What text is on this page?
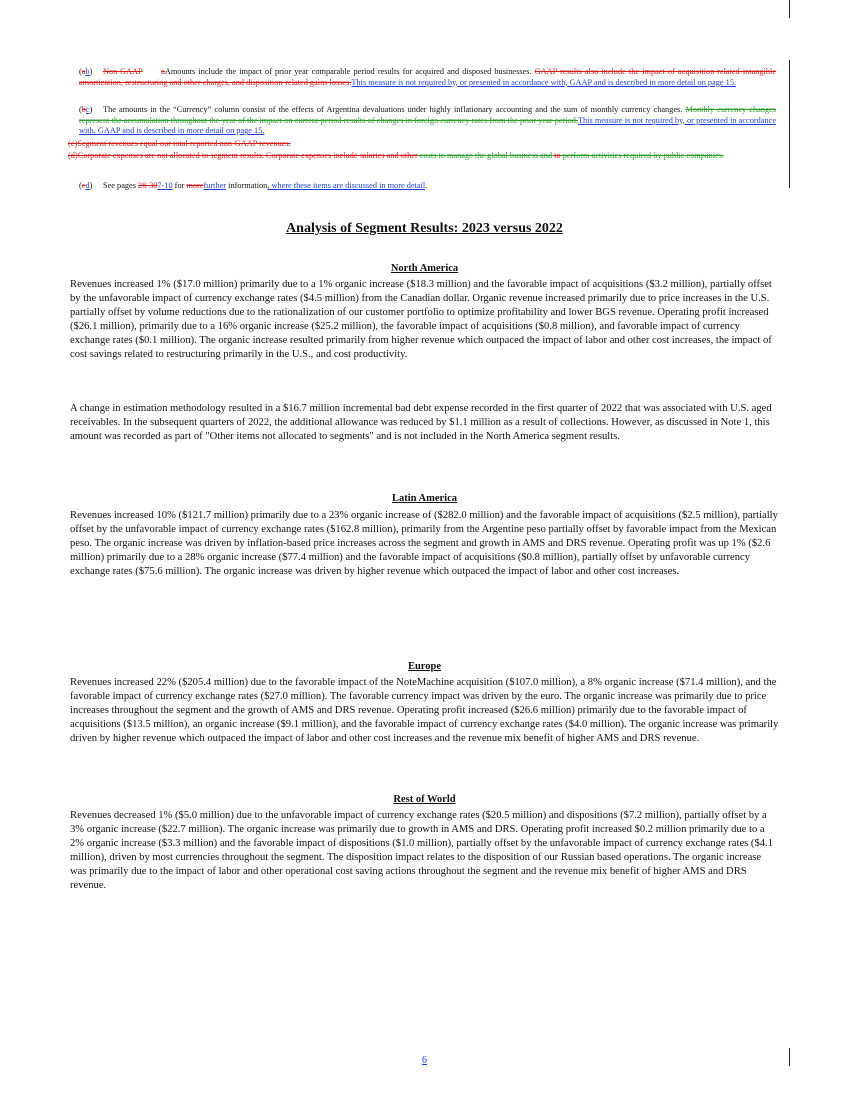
(ab) Non-GAAP aAmounts include the impact of prior year comparable period results for acquired and disposed businesses. GAAP results also include the impact of acquisition-related intangible amortization, restructuring and other charges, and disposition-related gains losses.This measure is not required by, or presented in accordance with, GAAP and is described in more detail on page 15.
(bc) The amounts in the “Currency” column consist of the effects of Argentina devaluations under highly inflationary accounting and the sum of monthly currency changes. Monthly currency changes represent the accumulation throughout the year of the impact on current period results of changes in foreign currency rates from the prior year period.This measure is not required by, or presented in accordance with, GAAP and is described in more detail on page 15.
(c)Segment revenues equal our total reported non-GAAP revenues.
(d)Corporate expenses are not allocated to segment results. Corporate expenses include salaries and other costs to manage the global business and to perform activities required by public companies.
(ed) See pages 28-307-10 for morefurther information, where these items are discussed in more detail.
Analysis of Segment Results: 2023 versus 2022
North America

Revenues increased 1% ($17.0 million) primarily due to a 1% organic increase ($18.3 million) and the favorable impact of acquisitions ($3.2 million), partially offset by the unfavorable impact of currency exchange rates ($4.5 million) from the Canadian dollar. Organic revenue increased primarily due to price increases in the U.S. partially offset by volume reductions due to the rationalization of our customer portfolio to optimize profitability and lower BGS revenue. Operating profit increased ($26.1 million), primarily due to a 16% organic increase ($25.2 million), the favorable impact of acquisitions ($0.8 million), and favorable impact of currency exchange rates ($0.1 million). The organic increase resulted primarily from higher revenue which outpaced the impact of labor and other cost increases, the impact of cost savings related to restructuring primarily in the U.S., and cost productivity.

A change in estimation methodology resulted in a $16.7 million incremental bad debt expense recorded in the first quarter of 2022 that was associated with U.S. aged receivables. In the subsequent quarters of 2022, the additional allowance was reduced by $1.1 million as a result of collections. However, as discussed in Note 1, this amount was recorded as part of "Other items not allocated to segments" and is not included in the North America segment results.

Latin America

Revenues increased 10% ($121.7 million) primarily due to a 23% organic increase of ($282.0 million) and the favorable impact of acquisitions ($2.5 million), partially offset by the unfavorable impact of currency exchange rates ($162.8 million), primarily from the Argentine peso partially offset by favorable impact from the Mexican peso. The organic increase was driven by inflation-based price increases across the segment and growth in AMS and DRS revenue. Operating profit was up 1% ($2.6 million) primarily due to a 28% organic increase ($77.4 million) and the favorable impact of acquisitions ($0.8 million), partially offset by unfavorable currency exchange rates ($75.6 million). The organic increase was driven by higher revenue which outpaced the impact of labor and other cost increases.

Europe

Revenues increased 22% ($205.4 million) due to the favorable impact of the NoteMachine acquisition ($107.0 million), a 8% organic increase ($71.4 million), and the favorable impact of currency exchange rates ($27.0 million). The favorable currency impact was driven by the euro. The organic increase was primarily due to price increases throughout the segment and the growth of AMS and DRS revenue. Operating profit increased ($26.6 million) primarily due to the favorable impact of acquisitions ($13.5 million), an organic increase ($9.1 million), and the favorable impact of currency exchange rates ($4.0 million). The organic increase was primarily driven by higher revenue which outpaced the impact of labor and other cost increases and the revenue mix benefit of higher AMS and DRS revenue.

Rest of World

Revenues decreased 1% ($5.0 million) due to the unfavorable impact of currency exchange rates ($20.5 million) and dispositions ($7.2 million), partially offset by a 3% organic increase ($22.7 million). The organic increase was primarily due to growth in AMS and DRS. Operating profit increased $0.2 million primarily due to a 2% organic increase ($3.3 million) and the favorable impact of dispositions ($1.0 million), partially offset by the unfavorable impact of currency exchange rates ($4.1 million), driven by most currencies throughout the segment. The disposition impact relates to the disposition of our Russian based operations. The organic increase was primarily due to the impact of labor and other operational cost saving actions throughout the segment and the revenue mix benefit of higher AMS and DRS revenue.

6
